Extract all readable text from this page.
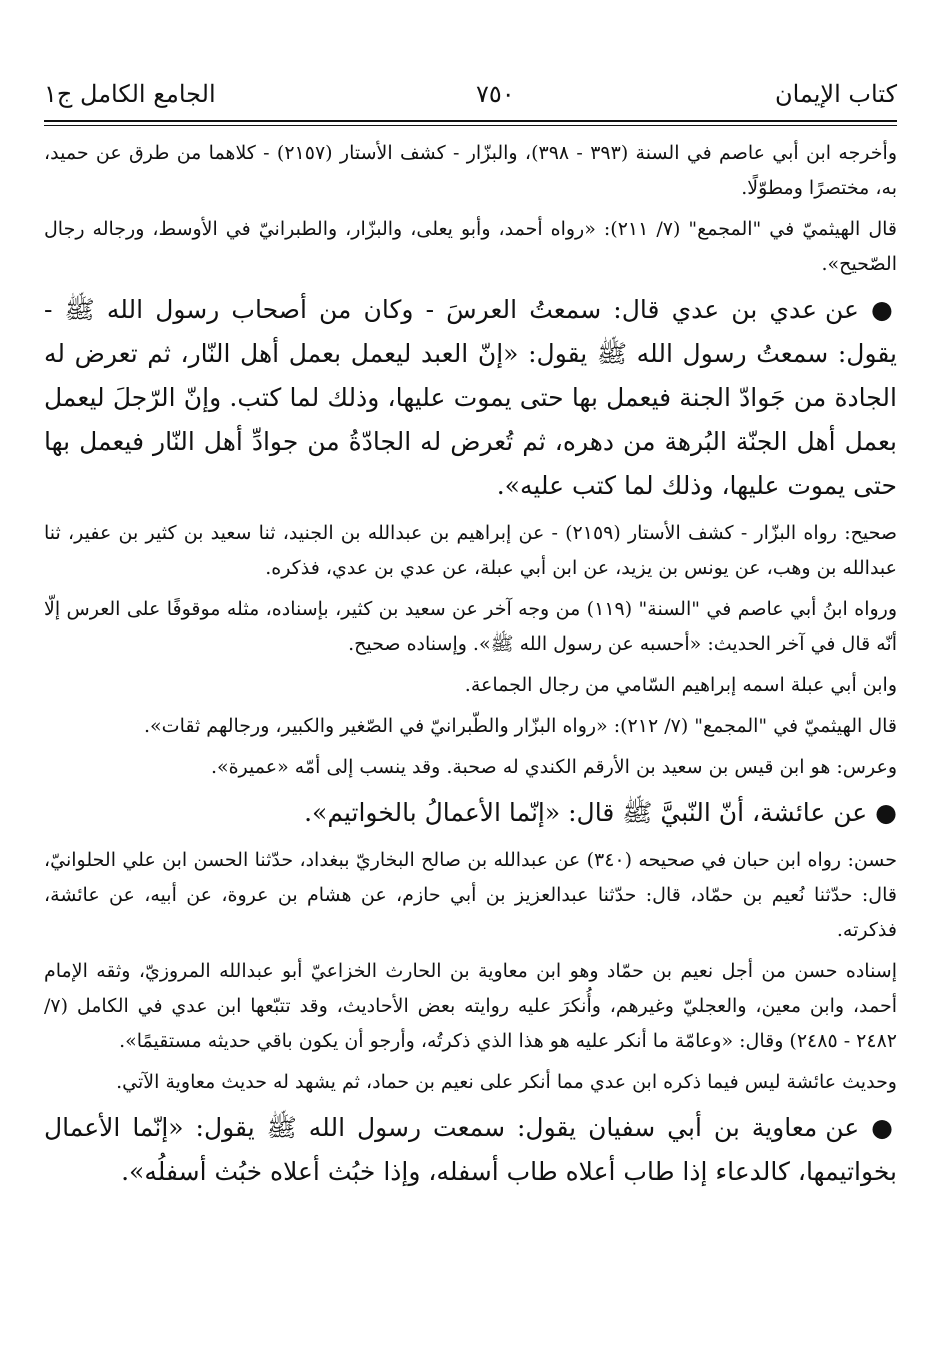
كتاب الإيمان
٧٥٠
الجامع الكامل ج١

وأخرجه ابن أبي عاصم في السنة (٣٩٣ - ٣٩٨)، والبزّار - كشف الأستار (٢١٥٧) - كلاهما من طرق عن حميد، به، مختصرًا ومطوّلًا.

قال الهيثميّ في "المجمع" (٧/ ٢١١): «رواه أحمد، وأبو يعلى، والبزّار، والطبرانيّ في الأوسط، ورجاله رجال الصّحيح».

● عن عدي بن عدي قال: سمعتُ العرسَ - وكان من أصحاب رسول الله ﷺ - يقول: سمعتُ رسول الله ﷺ يقول: «إنّ العبد ليعمل بعمل أهل النّار، ثم تعرض له الجادة من جَوادّ الجنة فيعمل بها حتى يموت عليها، وذلك لما كتب. وإنّ الرّجلَ ليعمل بعمل أهل الجنّة البُرهة من دهره، ثم تُعرض له الجادّةُ من جوادِّ أهل النّار فيعمل بها حتى يموت عليها، وذلك لما كتب عليه».

صحيح: رواه البزّار - كشف الأستار (٢١٥٩) - عن إبراهيم بن عبدالله بن الجنيد، ثنا سعيد بن كثير بن عفير، ثنا عبدالله بن وهب، عن يونس بن يزيد، عن ابن أبي عبلة، عن عدي بن عدي، فذكره.

ورواه ابنُ أبي عاصم في "السنة" (١١٩) من وجه آخر عن سعيد بن كثير، بإسناده، مثله موقوفًا على العرس إلّا أنّه قال في آخر الحديث: «أحسبه عن رسول الله ﷺ». وإسناده صحيح.

وابن أبي عبلة اسمه إبراهيم السّامي من رجال الجماعة.

قال الهيثميّ في "المجمع" (٧/ ٢١٢): «رواه البزّار والطّبرانيّ في الصّغير والكبير، ورجالهم ثقات».

وعرس: هو ابن قيس بن سعيد بن الأرقم الكندي له صحبة. وقد ينسب إلى أمّه «عميرة».

● عن عائشة، أنّ النّبيَّ ﷺ قال: «إنّما الأعمالُ بالخواتيم».

حسن: رواه ابن حبان في صحيحه (٣٤٠) عن عبدالله بن صالح البخاريّ ببغداد، حدّثنا الحسن ابن علي الحلوانيّ، قال: حدّثنا نُعيم بن حمّاد، قال: حدّثنا عبدالعزيز بن أبي حازم، عن هشام بن عروة، عن أبيه، عن عائشة، فذكرته.

إسناده حسن من أجل نعيم بن حمّاد وهو ابن معاوية بن الحارث الخزاعيّ أبو عبدالله المروزيّ، وثقه الإمام أحمد، وابن معين، والعجليّ وغيرهم، وأُنكرَ عليه روايته بعض الأحاديث، وقد تتبّعها ابن عدي في الكامل (٧/ ٢٤٨٢ - ٢٤٨٥) وقال: «وعامّة ما أنكر عليه هو هذا الذي ذكرتُه، وأرجو أن يكون باقي حديثه مستقيمًا».

وحديث عائشة ليس فيما ذكره ابن عدي مما أنكر على نعيم بن حماد، ثم يشهد له حديث معاوية الآتي.

● عن معاوية بن أبي سفيان يقول: سمعت رسول الله ﷺ يقول: «إنّما الأعمال بخواتيمها، كالدعاء إذا طاب أعلاه طاب أسفله، وإذا خبُث أعلاه خبُث أسفلُه».
